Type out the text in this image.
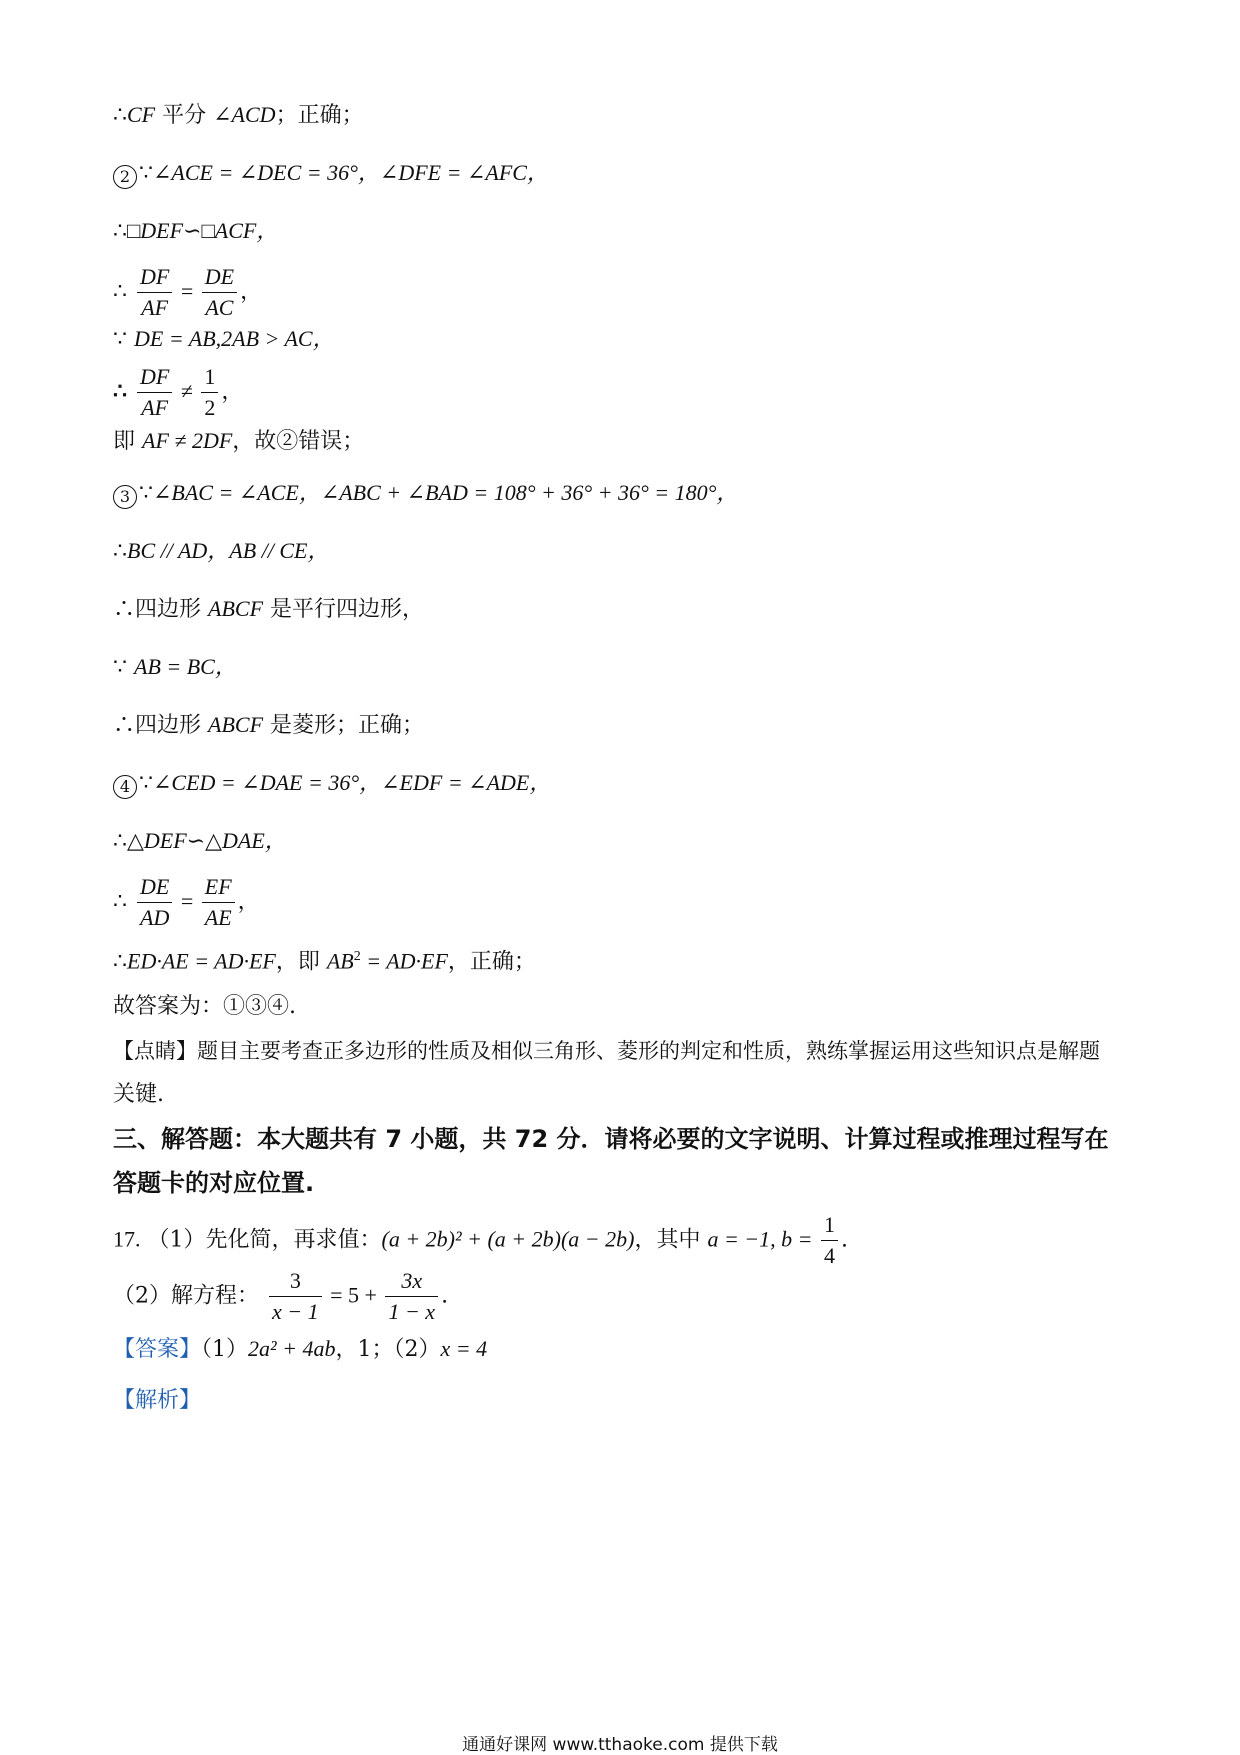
∴CF 平分 ∠ACD；正确；
2 ∵∠ACE = ∠DEC = 36°，∠DFE = ∠AFC，
∴□DEF∽□ACF，
∴ $\frac{DF}{AF} = \frac{DE}{AC}$ ，
∵ DE = AB,2AB > AC，
∴ $\frac{DF}{AF} \ne \frac{1}{2}$ ，
即 AF ≠ 2DF，故②错误；
3 ∵∠BAC = ∠ACE，∠ABC + ∠BAD = 108° + 36° + 36° = 180°，
∴BC // AD，AB // CE，
∴四边形 ABCF 是平行四边形，
∵ AB = BC，
∴四边形 ABCF 是菱形；正确；
4 ∵∠CED = ∠DAE = 36°，∠EDF = ∠ADE，
∴△DEF∽△DAE，
∴ $\frac{DE}{AD} = \frac{EF}{AE}$ ，
∴ED·AE = AD·EF，即 $AB^2 = AD\cdot EF$，正确；
故答案为：①③④.
【点睛】题目主要考查正多边形的性质及相似三角形、菱形的判定和性质，熟练掌握运用这些知识点是解题
关键.
三、解答题：本大题共有 7 小题，共 72 分．请将必要的文字说明、计算过程或推理过程写在
答题卡的对应位置.
17. （1）先化简，再求值：(a + 2b)² + (a + 2b)(a − 2b)，其中 a = −1, $b = \frac{1}{4}$ .
（2）解方程： $\frac{3}{x - 1} = 5 + \frac{3x}{1 - x}$ .
【答案】（1）2a² + 4ab，1；（2）x = 4
【解析】
通通好课网 www.tthaoke.com 提供下载
